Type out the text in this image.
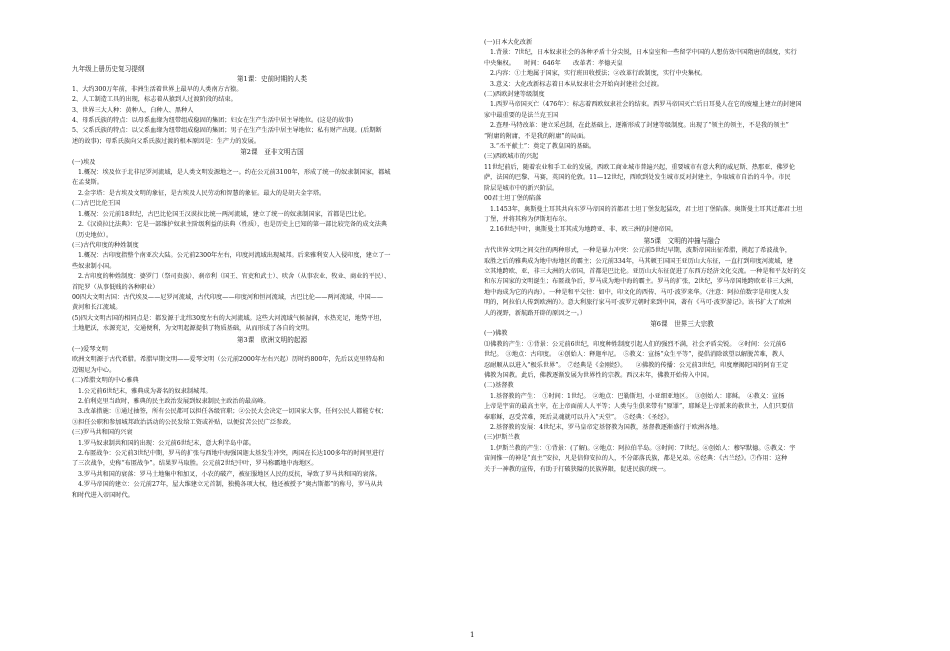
九年级上册历史复习提纲

第1课：史前时期的人类

1、大约300万年前，非洲生活着世界上最早的人类南方古猿。

2、人工制造工具的出现，标志着从猿到人过渡阶段的结束。

3、世界三大人种：黄种人，白种人、黑种人

4、母系氏族的特点：以母系血缘为纽带组成稳固的集团；妇女在生产生活中居主导地位。(这是的故事)

5、父系氏族的特点：以父系血缘为纽带组成稳固的集团；男子在生产生活中居主导地位；私有财产出现。(后期断

述的故事)；母系氏族向父系氏族过渡的根本原因是：生产力的发展。

第2课　亚非文明古国

(一)埃及

1.概况：埃及位于北非尼罗河流域，是人类文明发源地之一。约在公元前3100年，形成了统一的奴隶制国家，都城

在孟斐斯。

2.金字塔：是古埃及文明的象征，是古埃及人民劳动和智慧的象征。最大的是胡夫金字塔。

(二)古巴比伦王国

1.概况：公元前18世纪，古巴比伦国王汉谟拉比统一两河流域，建立了统一的奴隶制国家，首都是巴比伦。

2.《汉谟拉比法典》：它是一部维护奴隶主阶级利益的法典（性质），也是历史上已知的第一部比较完备的成文法典

（历史地位）。

(三)古代印度的种姓制度

1.概况：古印度指整个南亚次大陆。公元前2300年左右，印度河流域出现城邦。后来雅利安人入侵印度，建立了一

些奴隶制小国。

2.古印度的种姓制度：婆罗门（祭司贵族）、刹帝利（国王、官吏和武士）、吠舍（从事农业、牧业、商业的平民）、

首陀罗（从事低贱的各种职业）

00四大文明古国：古代埃及——尼罗河流域，古代印度——印度河和恒河流域，古巴比伦——两河流域，中国——

黄河和长江流域。

(5)四大文明古国的相同点是：都发源于北纬30度左右的大河流域。这些大河流域气候湿润，水热充足，地势平坦，

土地肥沃，水源充足，交通便利，为文明起源提供了物质基础，从而形成了各自的文明。

第3课　欧洲文明的起源

(一)爱琴文明

欧洲文明源于古代希腊。希腊早期文明——爱琴文明（公元前2000年左右兴起）历时约800年，先后以克里特岛和

迈锡尼为中心。

(二)希腊文明的中心雅典

1.公元前6世纪末，雅典成为著名的奴隶制城邦。

2.伯利克里当政时，雅典的民主政治发展到奴隶制民主政治的最高峰。

3.改革措施：①通过抽签，所有公民都可以担任各级官职；②公民大会决定一切国家大事，任何公民人都能专权；

③担任公职和参加城邦政治活动的公民发给工资或补贴，以便贫苦公民广泛参政。

(三)罗马共和国的兴衰

1.罗马奴隶制共和国的出现：公元前6世纪末，意大利半岛中部。

2.布匿战争：公元前3世纪中期，罗马的扩张与西地中海强国迦太基发生冲突，两国在长达100多年的时间里进行

了三次战争，史称“布匿战争”。结果罗马取胜。公元前2世纪中叶，罗马称霸地中海地区。

3.罗马共和国的衰落：罗马土地集中和加叉，小农的破产，被征服地区人民的反抗，导致了罗马共和国的衰落。

4.罗马帝国的建立：公元前27年，屋大维建立元首制，独揽各项大权，他还被授予“奥古斯都”的称号，罗马从共

和时代进入帝国时代。

(一)日本大化改新

1.背景：7世纪，日本奴隶社会的各种矛盾十分尖锐，日本皇室和一些留学中国的人想仿效中国隋唐的制度，实行

中央集权。　　时间：646年　　改革者：孝德天皇

2.内容：①土地属于国家，实行班田收授法；②改革行政制度，实行中央集权。

3.意义：大化改新标志着日本从奴隶社会开始向封建社会过渡。

(二)西欧封建等级制度

1.西罗马帝国灭亡（476年）：标志着西欧奴隶社会的结束。西罗马帝国灭亡后日耳曼人在它的废墟上建立的封建国

家中最重要的是法兰克王国

2.查理·马特改革：建立采邑制，在此基础上，逐渐形成了封建等级制度。出现了“领主的领主，不是我的领主”

“附庸的附庸，不是我的附庸”的局面。

3.“丕平献土”：奠定了教皇国的基础。

(三)西欧城市的兴起

11世纪前后，随着农业和手工业的发展，西欧工商业城市普遍兴起，重要城市有意大利的威尼斯、热那亚、佛罗伦

萨，法国的巴黎、马赛，英国的伦敦。11—12世纪，西欧到处发生城市反对封建主，争取城市自治的斗争。市民

阶层是城市中的新兴阶层。

00君士坦丁堡的陷落

1.1453年，奥斯曼土耳其共向东罗马帝国的首都君士坦丁堡发起猛攻，君士坦丁堡陷落。奥斯曼土耳其迁都君士坦

丁堡，并将其称为伊斯坦布尔。

2.16世纪中叶，奥斯曼土耳其成为地跨亚、非、欧三洲的封建帝国。

第5课　文明的冲撞与融合

古代世界文明之间交往的两种形式，一种是暴力冲突：公元前5世纪早期，波斯帝国出征希腊，挑起了希波战争，

取胜之后的雅典成为地中海地区的霸主；公元前334年，马其顿王国国王亚历山大东征，一直打到印度河流域，建

立其地跨欧、亚、非三大洲的大帝国，首都是巴比伦。亚历山大东征促进了东西方经济文化交流。一种是和平友好的交

和东方国家的文明诞生；布匿战争后，罗马成为地中海的霸主。罗马的扩张，2世纪，罗马帝国地跨欧亚非三大洲，

地中海成为它的内海）。一种是和平交往：如中，印文化的西传、马可·波罗来华。（注意：阿拉伯数字是印度人发

明的，阿拉伯人传到欧洲的）。意大利旅行家马可·波罗元朝时来到中国，著有《马可·波罗游记》。该书扩大了欧洲

人的视野，新航路开辟的原因之一。）

第6课　世界三大宗教

(一)佛教

⑴佛教的产生：①背景：公元前6世纪，印度种姓制度引起人们的强烈不满，社会矛盾尖锐。　②时间：公元前6

世纪。　③地点：古印度。　④创始人：释迦牟尼。　⑤教义：宣扬“众生平等”，提倡消除欲望以解脱苦难，教人

忍耐顺从以进入“极乐世界”。　⑦经典是《金刚经》。　　②佛教的传播：公元前3世纪，印度摩揭陀国的阿育王定

佛教为国教。此后，佛教逐渐发展为世界性的宗教。西汉末年，佛教开始传入中国。

(二)基督教

1.基督教的产生：　①时间：1世纪。　②地点：巴勒斯坦，小亚细亚地区。　③创始人：耶稣。　④教义：宣扬

上帝是宇宙的最高主宰，在上帝面前人人平等；人类与生俱来带有“原罪”，耶稣是上帝派来的救世主，人们只要信

奉耶稣，忍受苦难，死后灵魂就可以升入“天堂”。　⑤经典：《圣经》。

2.基督教的发展：4世纪末，罗马皇帝定基督教为国教，基督教逐渐盛行于欧洲各地。

(三)伊斯兰教

1.伊斯兰教的产生：①背景：(了解)。②地点：阿拉伯半岛。③时间：7世纪。④创始人：穆罕默德。⑤教义：宇

宙间惟一的神是“真主”安拉，凡是信仰安拉的人，不分部落氏族，都是兄弟。⑥经典：《古兰经》。⑦作用：这种

关于一神教的宣传，有助于打破狭隘的民族界限，促进民族的统一。

1
